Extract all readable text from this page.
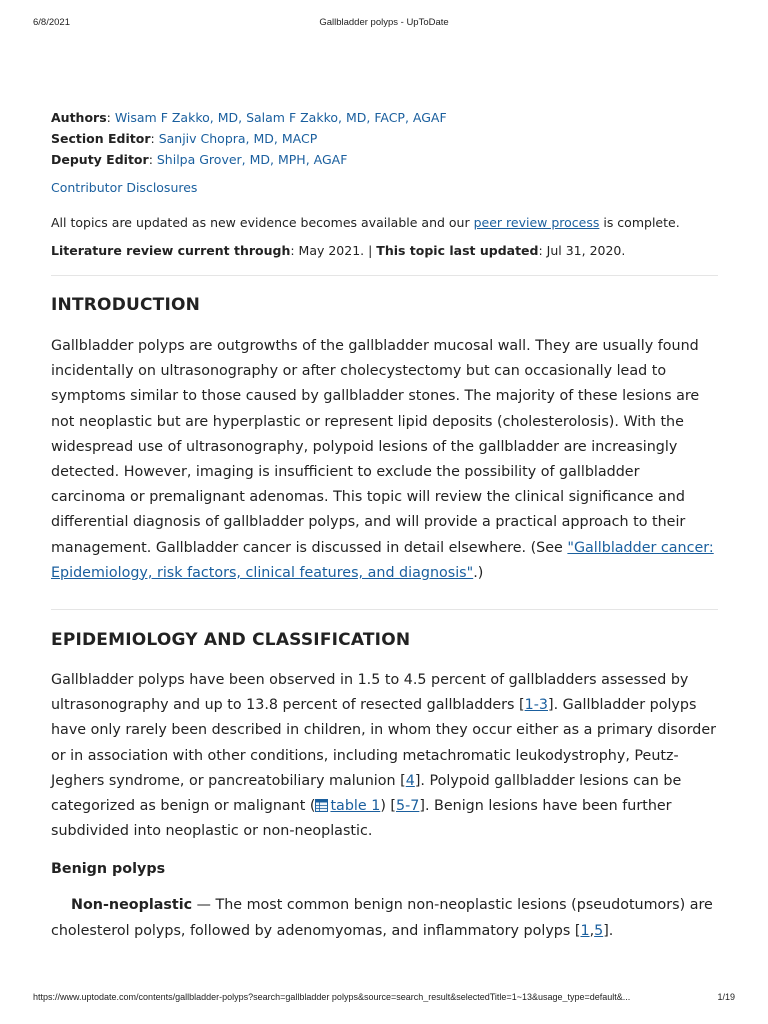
6/8/2021	Gallbladder polyps - UpToDate
Authors: Wisam F Zakko, MD, Salam F Zakko, MD, FACP, AGAF
Section Editor: Sanjiv Chopra, MD, MACP
Deputy Editor: Shilpa Grover, MD, MPH, AGAF
Contributor Disclosures
All topics are updated as new evidence becomes available and our peer review process is complete.
Literature review current through: May 2021. | This topic last updated: Jul 31, 2020.
INTRODUCTION

Gallbladder polyps are outgrowths of the gallbladder mucosal wall. They are usually found incidentally on ultrasonography or after cholecystectomy but can occasionally lead to symptoms similar to those caused by gallbladder stones. The majority of these lesions are not neoplastic but are hyperplastic or represent lipid deposits (cholesterolosis). With the widespread use of ultrasonography, polypoid lesions of the gallbladder are increasingly detected. However, imaging is insufficient to exclude the possibility of gallbladder carcinoma or premalignant adenomas. This topic will review the clinical significance and differential diagnosis of gallbladder polyps, and will provide a practical approach to their management. Gallbladder cancer is discussed in detail elsewhere. (See "Gallbladder cancer: Epidemiology, risk factors, clinical features, and diagnosis".)

EPIDEMIOLOGY AND CLASSIFICATION

Gallbladder polyps have been observed in 1.5 to 4.5 percent of gallbladders assessed by ultrasonography and up to 13.8 percent of resected gallbladders [1-3]. Gallbladder polyps have only rarely been described in children, in whom they occur either as a primary disorder or in association with other conditions, including metachromatic leukodystrophy, Peutz-Jeghers syndrome, or pancreatobiliary malunion [4]. Polypoid gallbladder lesions can be categorized as benign or malignant ( table 1) [5-7]. Benign lesions have been further subdivided into neoplastic or non-neoplastic.

Benign polyps

Non-neoplastic — The most common benign non-neoplastic lesions (pseudotumors) are cholesterol polyps, followed by adenomyomas, and inflammatory polyps [1,5].

https://www.uptodate.com/contents/gallbladder-polyps?search=gallbladder polyps&source=search_result&selectedTitle=1~13&usage_type=default&...	1/19
